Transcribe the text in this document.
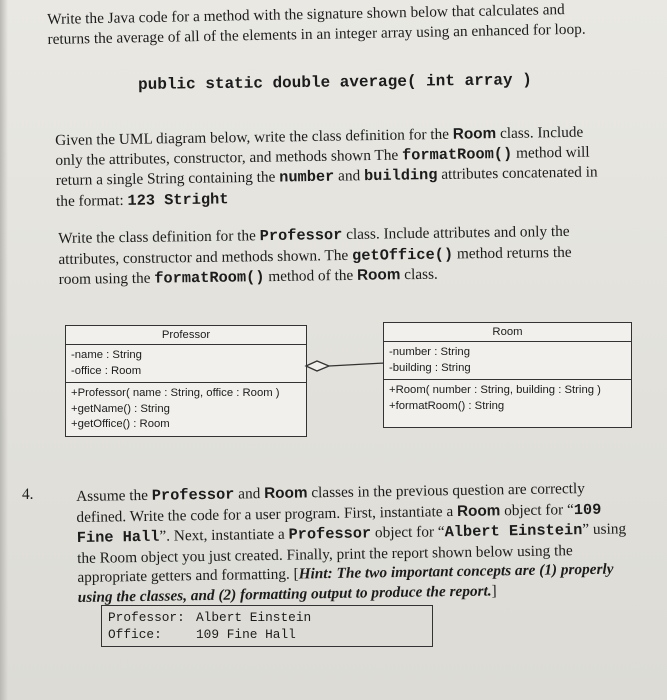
Write the Java code for a method with the signature shown below that calculates and
returns the average of all of the elements in an integer array using an enhanced for loop.
public static double average( int array )
Given the UML diagram below, write the class definition for the Room class. Include
only the attributes, constructor, and methods shown The formatRoom() method will
return a single String containing the number and building attributes concatenated in
the format: 123 Stright
Write the class definition for the Professor class. Include attributes and only the
attributes, constructor and methods shown. The getOffice() method returns the
room using the formatRoom() method of the Room class.
Professor
-name : String
-office : Room
+Professor( name : String, office : Room )
+getName() : String
+getOffice() : Room
Room
-number : String
-building : String
+Room( number : String, building : String )
+formatRoom() : String
4.	Assume the Professor and Room classes in the previous question are correctly
defined. Write the code for a user program. First, instantiate a Room object for “109
Fine Hall”. Next, instantiate a Professor object for “Albert Einstein” using
the Room object you just created. Finally, print the report shown below using the
appropriate getters and formatting. [Hint: The two important concepts are (1) properly
using the classes, and (2) formatting output to produce the report.]
Professor: Albert Einstein
Office:	109 Fine Hall
